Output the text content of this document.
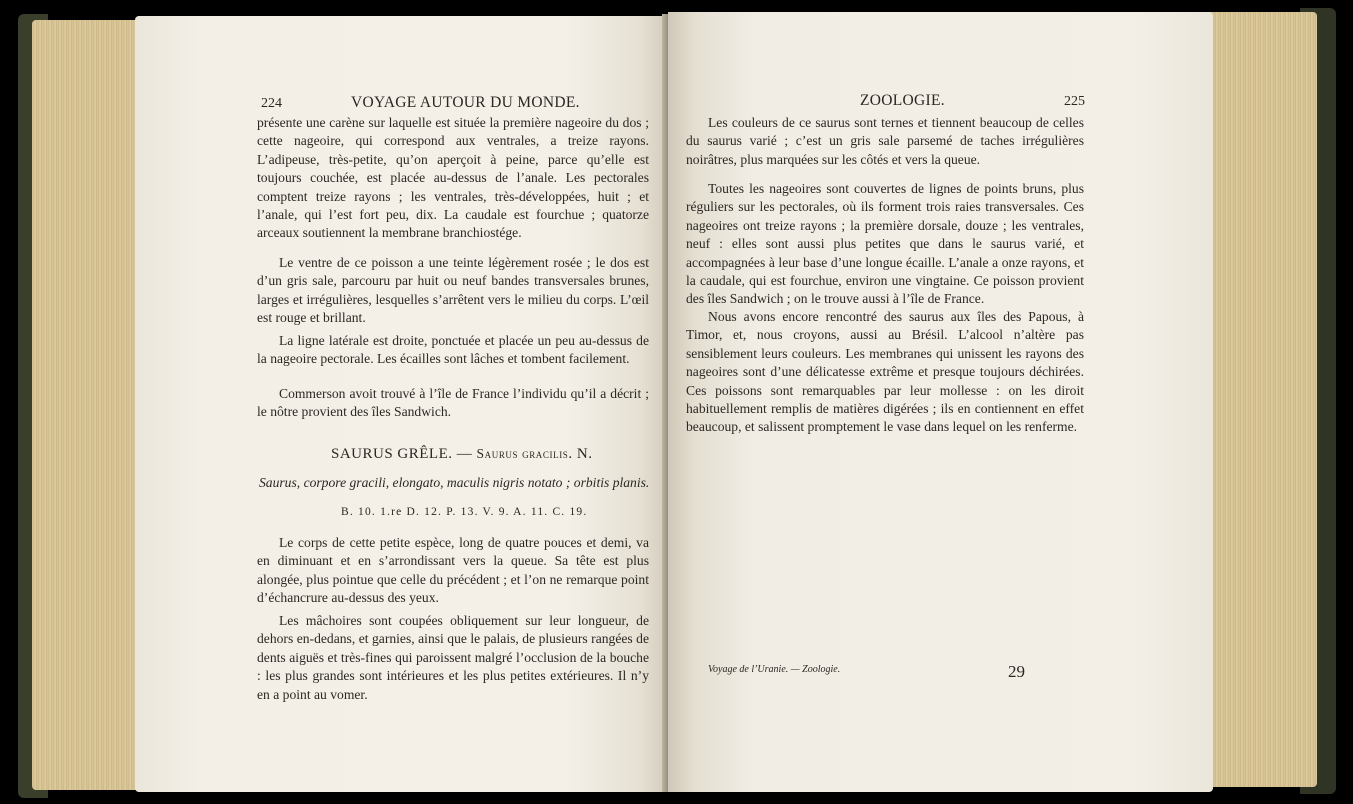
224	VOYAGE AUTOUR DU MONDE.

présente une carène sur laquelle est située la première nageoire du dos ; cette nageoire, qui correspond aux ventrales, a treize rayons. L’adipeuse, très-petite, qu’on aperçoit à peine, parce qu’elle est toujours couchée, est placée au-dessus de l’anale. Les pectorales comptent treize rayons ; les ventrales, très-développées, huit ; et l’anale, qui l’est fort peu, dix. La caudale est fourchue ; quatorze arceaux soutiennent la membrane branchiostége.

Le ventre de ce poisson a une teinte légèrement rosée ; le dos est d’un gris sale, parcouru par huit ou neuf bandes transversales brunes, larges et irrégulières, lesquelles s’arrêtent vers le milieu du corps. L’œil est rouge et brillant.

La ligne latérale est droite, ponctuée et placée un peu au-dessus de la nageoire pectorale. Les écailles sont lâches et tombent facilement.

Commerson avoit trouvé à l’île de France l’individu qu’il a décrit ; le nôtre provient des îles Sandwich.

SAURUS GRÊLE. — Saurus gracilis. N.
Saurus, corpore gracili, elongato, maculis nigris notato ; orbitis planis.
B. 10. 1.re D. 12. P. 13. V. 9. A. 11. C. 19.

Le corps de cette petite espèce, long de quatre pouces et demi, va en diminuant et en s’arrondissant vers la queue. Sa tête est plus alongée, plus pointue que celle du précédent ; et l’on ne remarque point d’échancrure au-dessus des yeux.

Les mâchoires sont coupées obliquement sur leur longueur, de dehors en-dedans, et garnies, ainsi que le palais, de plusieurs rangées de dents aiguës et très-fines qui paroissent malgré l’occlusion de la bouche : les plus grandes sont intérieures et les plus petites extérieures. Il n’y en a point au vomer.

ZOOLOGIE.	225

Les couleurs de ce saurus sont ternes et tiennent beaucoup de celles du saurus varié ; c’est un gris sale parsemé de taches irrégulières noirâtres, plus marquées sur les côtés et vers la queue.

Toutes les nageoires sont couvertes de lignes de points bruns, plus réguliers sur les pectorales, où ils forment trois raies transversales. Ces nageoires ont treize rayons ; la première dorsale, douze ; les ventrales, neuf : elles sont aussi plus petites que dans le saurus varié, et accompagnées à leur base d’une longue écaille. L’anale a onze rayons, et la caudale, qui est fourchue, environ une vingtaine. Ce poisson provient des îles Sandwich ; on le trouve aussi à l’île de France.

Nous avons encore rencontré des saurus aux îles des Papous, à Timor, et, nous croyons, aussi au Brésil. L’alcool n’altère pas sensiblement leurs couleurs. Les membranes qui unissent les rayons des nageoires sont d’une délicatesse extrême et presque toujours déchirées. Ces poissons sont remarquables par leur mollesse : on les diroit habituellement remplis de matières digérées ; ils en contiennent en effet beaucoup, et salissent promptement le vase dans lequel on les renferme.

Voyage de l’Uranie. — Zoologie.	29
